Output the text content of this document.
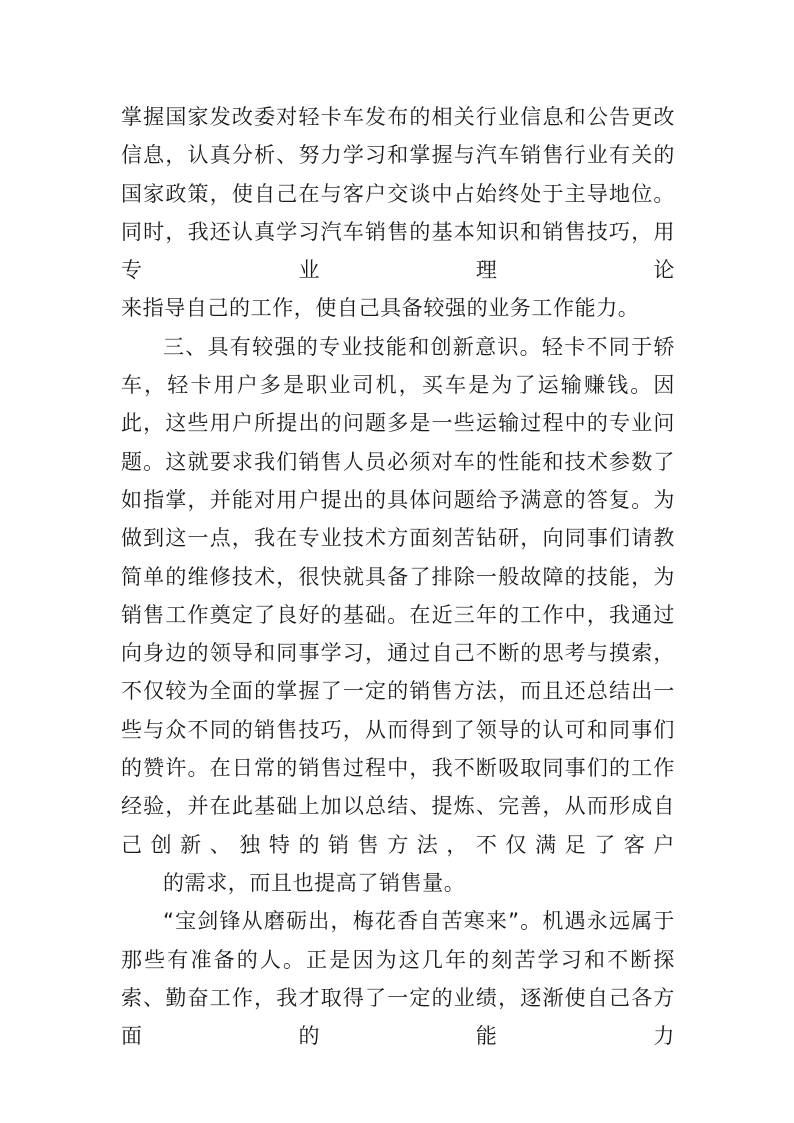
掌握国家发改委对轻卡车发布的相关行业信息和公告更改信息，认真分析、努力学习和掌握与汽车销售行业有关的国家政策，使自己在与客户交谈中占始终处于主导地位。同时，我还认真学习汽车销售的基本知识和销售技巧，用专业理论
来指导自己的工作，使自己具备较强的业务工作能力。

三、具有较强的专业技能和创新意识。轻卡不同于轿车，轻卡用户多是职业司机，买车是为了运输赚钱。因此，这些用户所提出的问题多是一些运输过程中的专业问题。这就要求我们销售人员必须对车的性能和技术参数了如指掌，并能对用户提出的具体问题给予满意的答复。为做到这一点，我在专业技术方面刻苦钻研，向同事们请教简单的维修技术，很快就具备了排除一般故障的技能，为销售工作奠定了良好的基础。在近三年的工作中，我通过向身边的领导和同事学习，通过自己不断的思考与摸索，不仅较为全面的掌握了一定的销售方法，而且还总结出一些与众不同的销售技巧，从而得到了领导的认可和同事们的赞许。在日常的销售过程中，我不断吸取同事们的工作经验，并在此基础上加以总结、提炼、完善，从而形成自己创新、独特的销售方法，不仅满足了客户
的需求，而且也提高了销售量。

“宝剑锋从磨砺出，梅花香自苦寒来”。机遇永远属于那些有准备的人。正是因为这几年的刻苦学习和不断探索、勤奋工作，我才取得了一定的业绩，逐渐使自己各方面的能力
